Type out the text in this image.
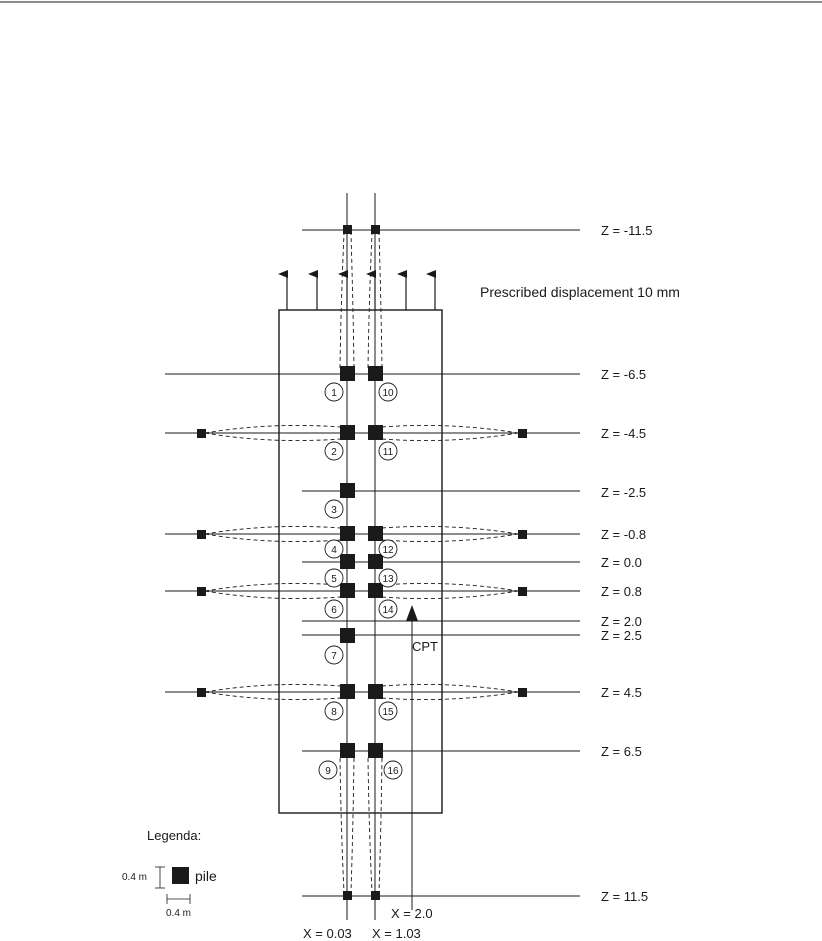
1	10
2	11
3
4	12
5	13
6	14
7
8	15
9	16
Z = -11.5
Z = -6.5
Z = -4.5
Z = -2.5
Z = -0.8
Z = 0.0
Z = 0.8
Z = 2.0
Z = 2.5
Z = 4.5
Z = 6.5
Z = 11.5
Prescribed displacement 10 mm
CPT
X = 0.03 X = 1.03
X = 2.0
Legenda:
0.4 m	pile
0.4 m
